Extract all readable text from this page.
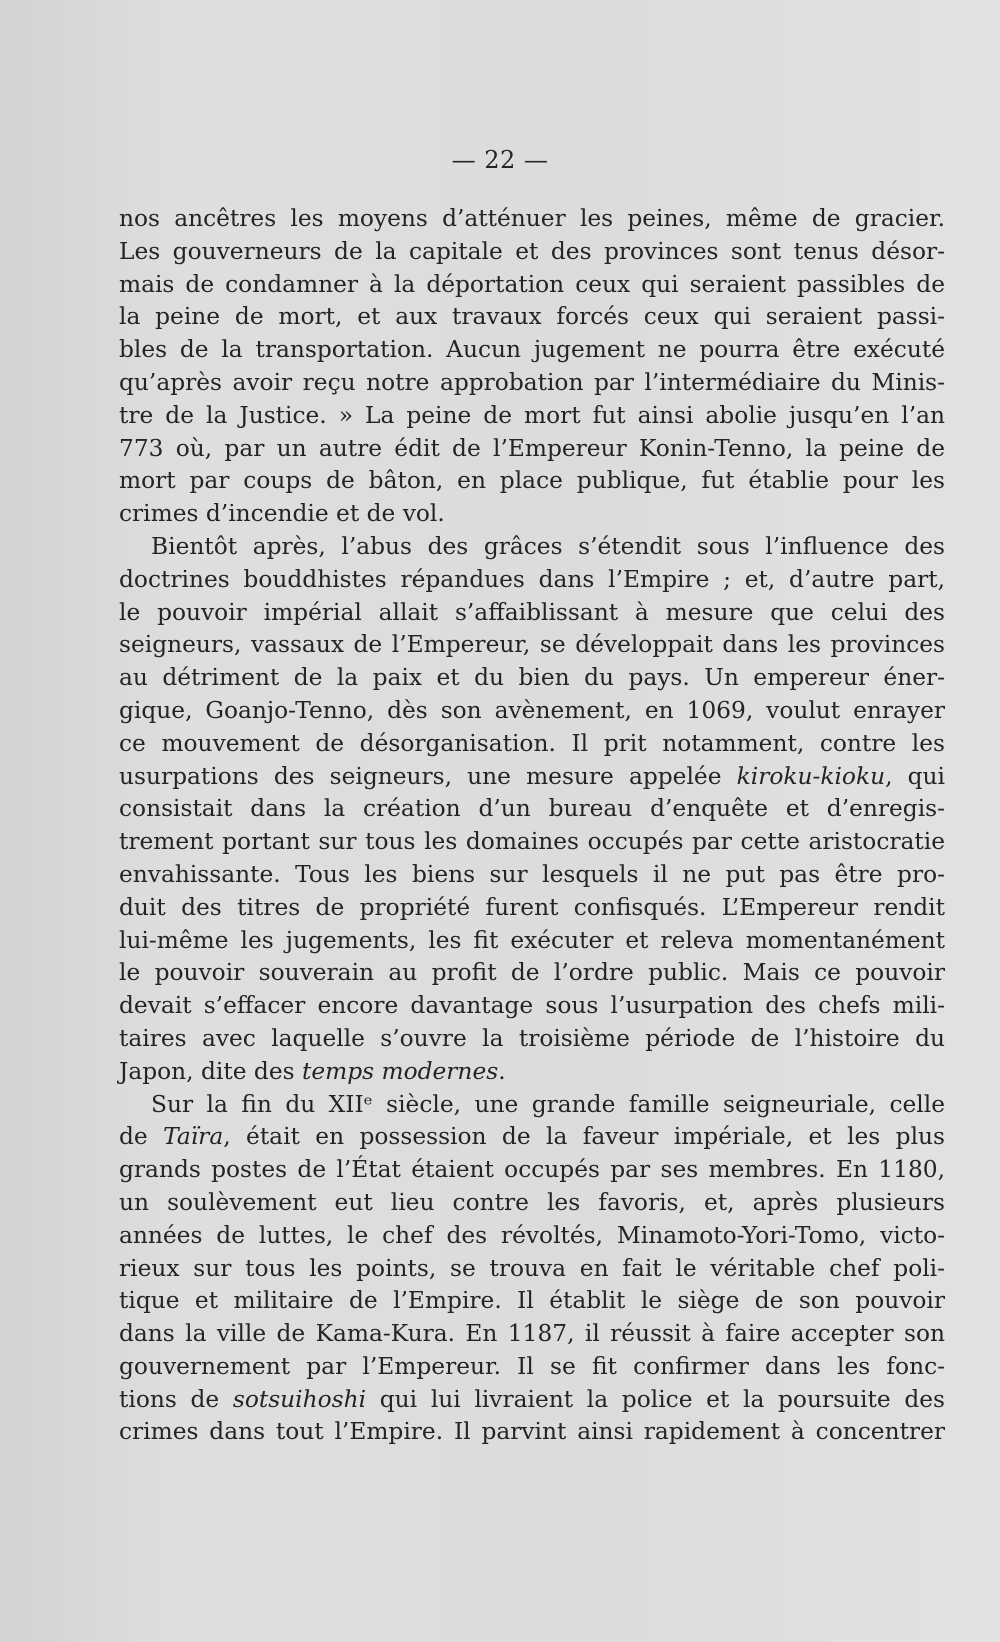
— 22 —
nos ancêtres les moyens d’atténuer les peines, même de gracier.
Les gouverneurs de la capitale et des provinces sont tenus désor-
mais de condamner à la déportation ceux qui seraient passibles de
la peine de mort, et aux travaux forcés ceux qui seraient passi-
bles de la transportation. Aucun jugement ne pourra être exécuté
qu’après avoir reçu notre approbation par l’intermédiaire du Minis-
tre de la Justice. » La peine de mort fut ainsi abolie jusqu’en l’an
773 où, par un autre édit de l’Empereur Konin-Tenno, la peine de
mort par coups de bâton, en place publique, fut établie pour les
crimes d’incendie et de vol.
Bientôt après, l’abus des grâces s’étendit sous l’influence des
doctrines bouddhistes répandues dans l’Empire ; et, d’autre part,
le pouvoir impérial allait s’affaiblissant à mesure que celui des
seigneurs, vassaux de l’Empereur, se développait dans les provinces
au détriment de la paix et du bien du pays. Un empereur éner-
gique, Goanjo-Tenno, dès son avènement, en 1069, voulut enrayer
ce mouvement de désorganisation. Il prit notamment, contre les
usurpations des seigneurs, une mesure appelée kiroku-kioku, qui
consistait dans la création d’un bureau d’enquête et d’enregis-
trement portant sur tous les domaines occupés par cette aristocratie
envahissante. Tous les biens sur lesquels il ne put pas être pro-
duit des titres de propriété furent confisqués. L’Empereur rendit
lui-même les jugements, les fit exécuter et releva momentanément
le pouvoir souverain au profit de l’ordre public. Mais ce pouvoir
devait s’effacer encore davantage sous l’usurpation des chefs mili-
taires avec laquelle s’ouvre la troisième période de l’histoire du
Japon, dite des temps modernes.
Sur la fin du XIIᵉ siècle, une grande famille seigneuriale, celle
de Taïra, était en possession de la faveur impériale, et les plus
grands postes de l’État étaient occupés par ses membres. En 1180,
un soulèvement eut lieu contre les favoris, et, après plusieurs
années de luttes, le chef des révoltés, Minamoto-Yori-Tomo, victo-
rieux sur tous les points, se trouva en fait le véritable chef poli-
tique et militaire de l’Empire. Il établit le siège de son pouvoir
dans la ville de Kama-Kura. En 1187, il réussit à faire accepter son
gouvernement par l’Empereur. Il se fit confirmer dans les fonc-
tions de sotsuihoshi qui lui livraient la police et la poursuite des
crimes dans tout l’Empire. Il parvint ainsi rapidement à concentrer
